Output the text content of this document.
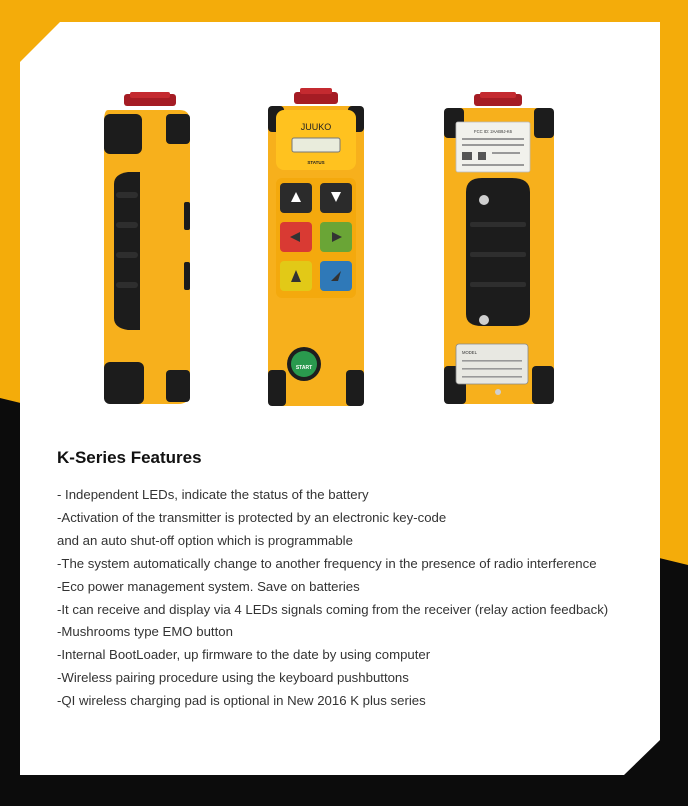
JUUKO
STATUS
START
FCC ID: 2AAB9J-K6
MODEL
K-Series Features
- Independent LEDs, indicate the status of the battery
-Activation of the transmitter is protected by an electronic key-code
and an auto shut-off option which is programmable
-The system automatically change to another frequency in the presence of radio interference
-Eco power management system. Save on batteries
-It can receive and display via 4 LEDs signals coming from the receiver (relay action feedback)
-Mushrooms type EMO button
-Internal BootLoader, up firmware to the date by using computer
-Wireless pairing procedure using the keyboard pushbuttons
-QI wireless charging pad is optional in New 2016 K plus series
